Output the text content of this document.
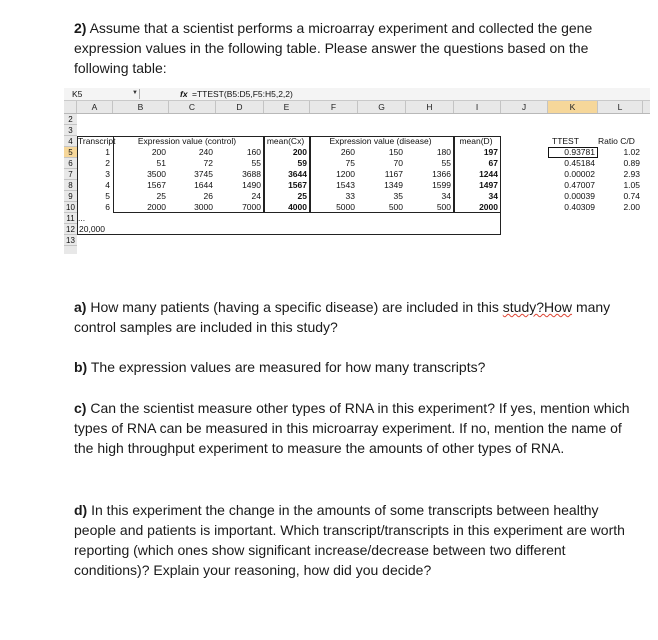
2) Assume that a scientist performs a microarray experiment and collected the gene expression values in the following table. Please answer the questions based on the following table:
K5	▼	fx =TTEST(B5:D5,F5:H5,2,2)
A	B	C	D	E	F	G	H	I	J	K	L
2
3
4
5
6
7
8
9
10
11
12
13
Transcript	Expression value (control)	mean(Cx)	Expression value (disease)	mean(D)	TTEST	Ratio C/D
1	200	240	160	200	260	150	180	197	0.93781	1.02
2	51	72	55	59	75	70	55	67	0.45184	0.89
3	3500	3745	3688	3644	1200	1167	1366	1244	0.00002	2.93
4	1567	1644	1490	1567	1543	1349	1599	1497	0.47007	1.05
5	25	26	24	25	33	35	34	34	0.00039	0.74
6	2000	3000	7000	4000	5000	500	500	2000	0.40309	2.00
...
20,000
a) How many patients (having a specific disease) are included in this study?How many control samples are included in this study?
b) The expression values are measured for how many transcripts?
c) Can the scientist measure other types of RNA in this experiment? If yes, mention which types of RNA can be measured in this microarray experiment. If no, mention the name of the high throughput experiment to measure the amounts of other types of RNA.
d) In this experiment the change in the amounts of some transcripts between healthy people and patients is important. Which transcript/transcripts in this experiment are worth reporting (which ones show significant increase/decrease between two different conditions)? Explain your reasoning, how did you decide?
